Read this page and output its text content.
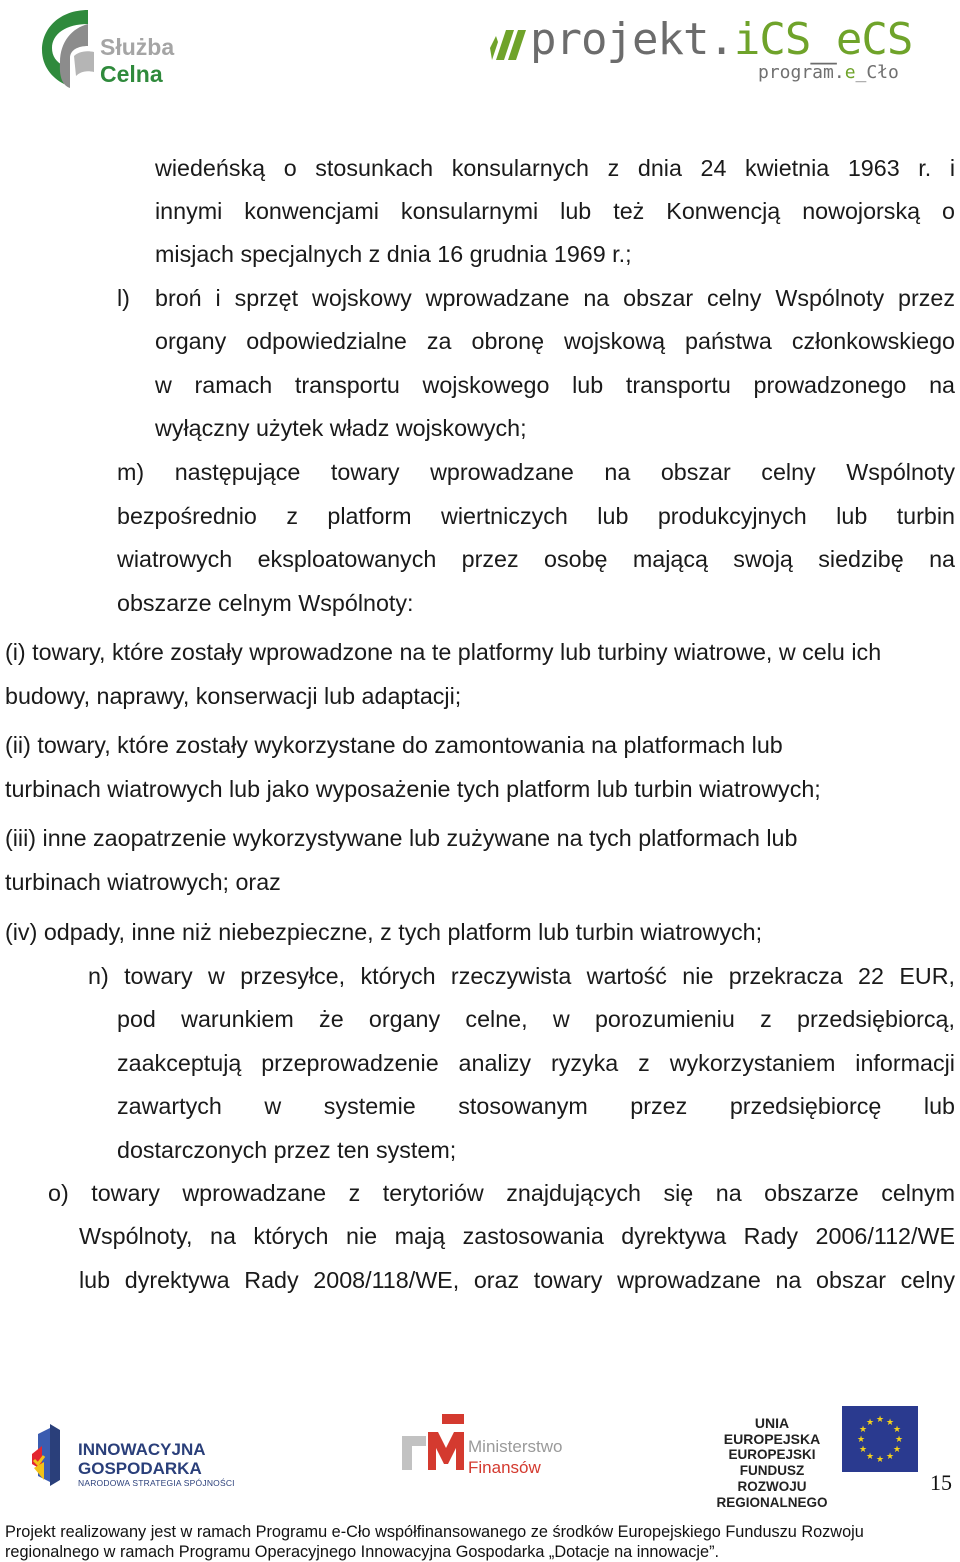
Służba
Celna
projekt.iCS_eCS
program.e_Cło
wiedeńską o stosunkach konsularnych z dnia 24 kwietnia 1963 r. i
innymi konwencjami konsularnymi lub też Konwencją nowojorską o
misjach specjalnych z dnia 16 grudnia 1969 r.;
l) broń i sprzęt wojskowy wprowadzane na obszar celny Wspólnoty przez
organy odpowiedzialne za obronę wojskową państwa członkowskiego
w ramach transportu wojskowego lub transportu prowadzonego na
wyłączny użytek władz wojskowych;
m) następujące towary wprowadzane na obszar celny Wspólnoty
bezpośrednio z platform wiertniczych lub produkcyjnych lub turbin
wiatrowych eksploatowanych przez osobę mającą swoją siedzibę na
obszarze celnym Wspólnoty:
(i) towary, które zostały wprowadzone na te platformy lub turbiny wiatrowe, w celu ich
budowy, naprawy, konserwacji lub adaptacji;
(ii) towary, które zostały wykorzystane do zamontowania na platformach lub
turbinach wiatrowych lub jako wyposażenie tych platform lub turbin wiatrowych;
(iii) inne zaopatrzenie wykorzystywane lub zużywane na tych platformach lub
turbinach wiatrowych; oraz
(iv) odpady, inne niż niebezpieczne, z tych platform lub turbin wiatrowych;
n) towary w przesyłce, których rzeczywista wartość nie przekracza 22 EUR,
pod warunkiem że organy celne, w porozumieniu z przedsiębiorcą,
zaakceptują przeprowadzenie analizy ryzyka z wykorzystaniem informacji
zawartych w systemie stosowanym przez przedsiębiorcę lub
dostarczonych przez ten system;
o) towary wprowadzane z terytoriów znajdujących się na obszarze celnym
Wspólnoty, na których nie mają zastosowania dyrektywa Rady 2006/112/WE
lub dyrektywa Rady 2008/118/WE, oraz towary wprowadzane na obszar celny
INNOWACYJNA
GOSPODARKA
NARODOWA STRATEGIA SPÓJNOŚCI
Ministerstwo
Finansów
UNIA EUROPEJSKA
EUROPEJSKI FUNDUSZ
ROZWOJU REGIONALNEGO
★ ★
★
★
★
★
★
★
★
★
★
★
15
Projekt realizowany jest w ramach Programu e-Cło współfinansowanego ze środków Europejskiego Funduszu Rozwoju regionalnego w ramach Programu Operacyjnego Innowacyjna Gospodarka „Dotacje na innowacje”.
